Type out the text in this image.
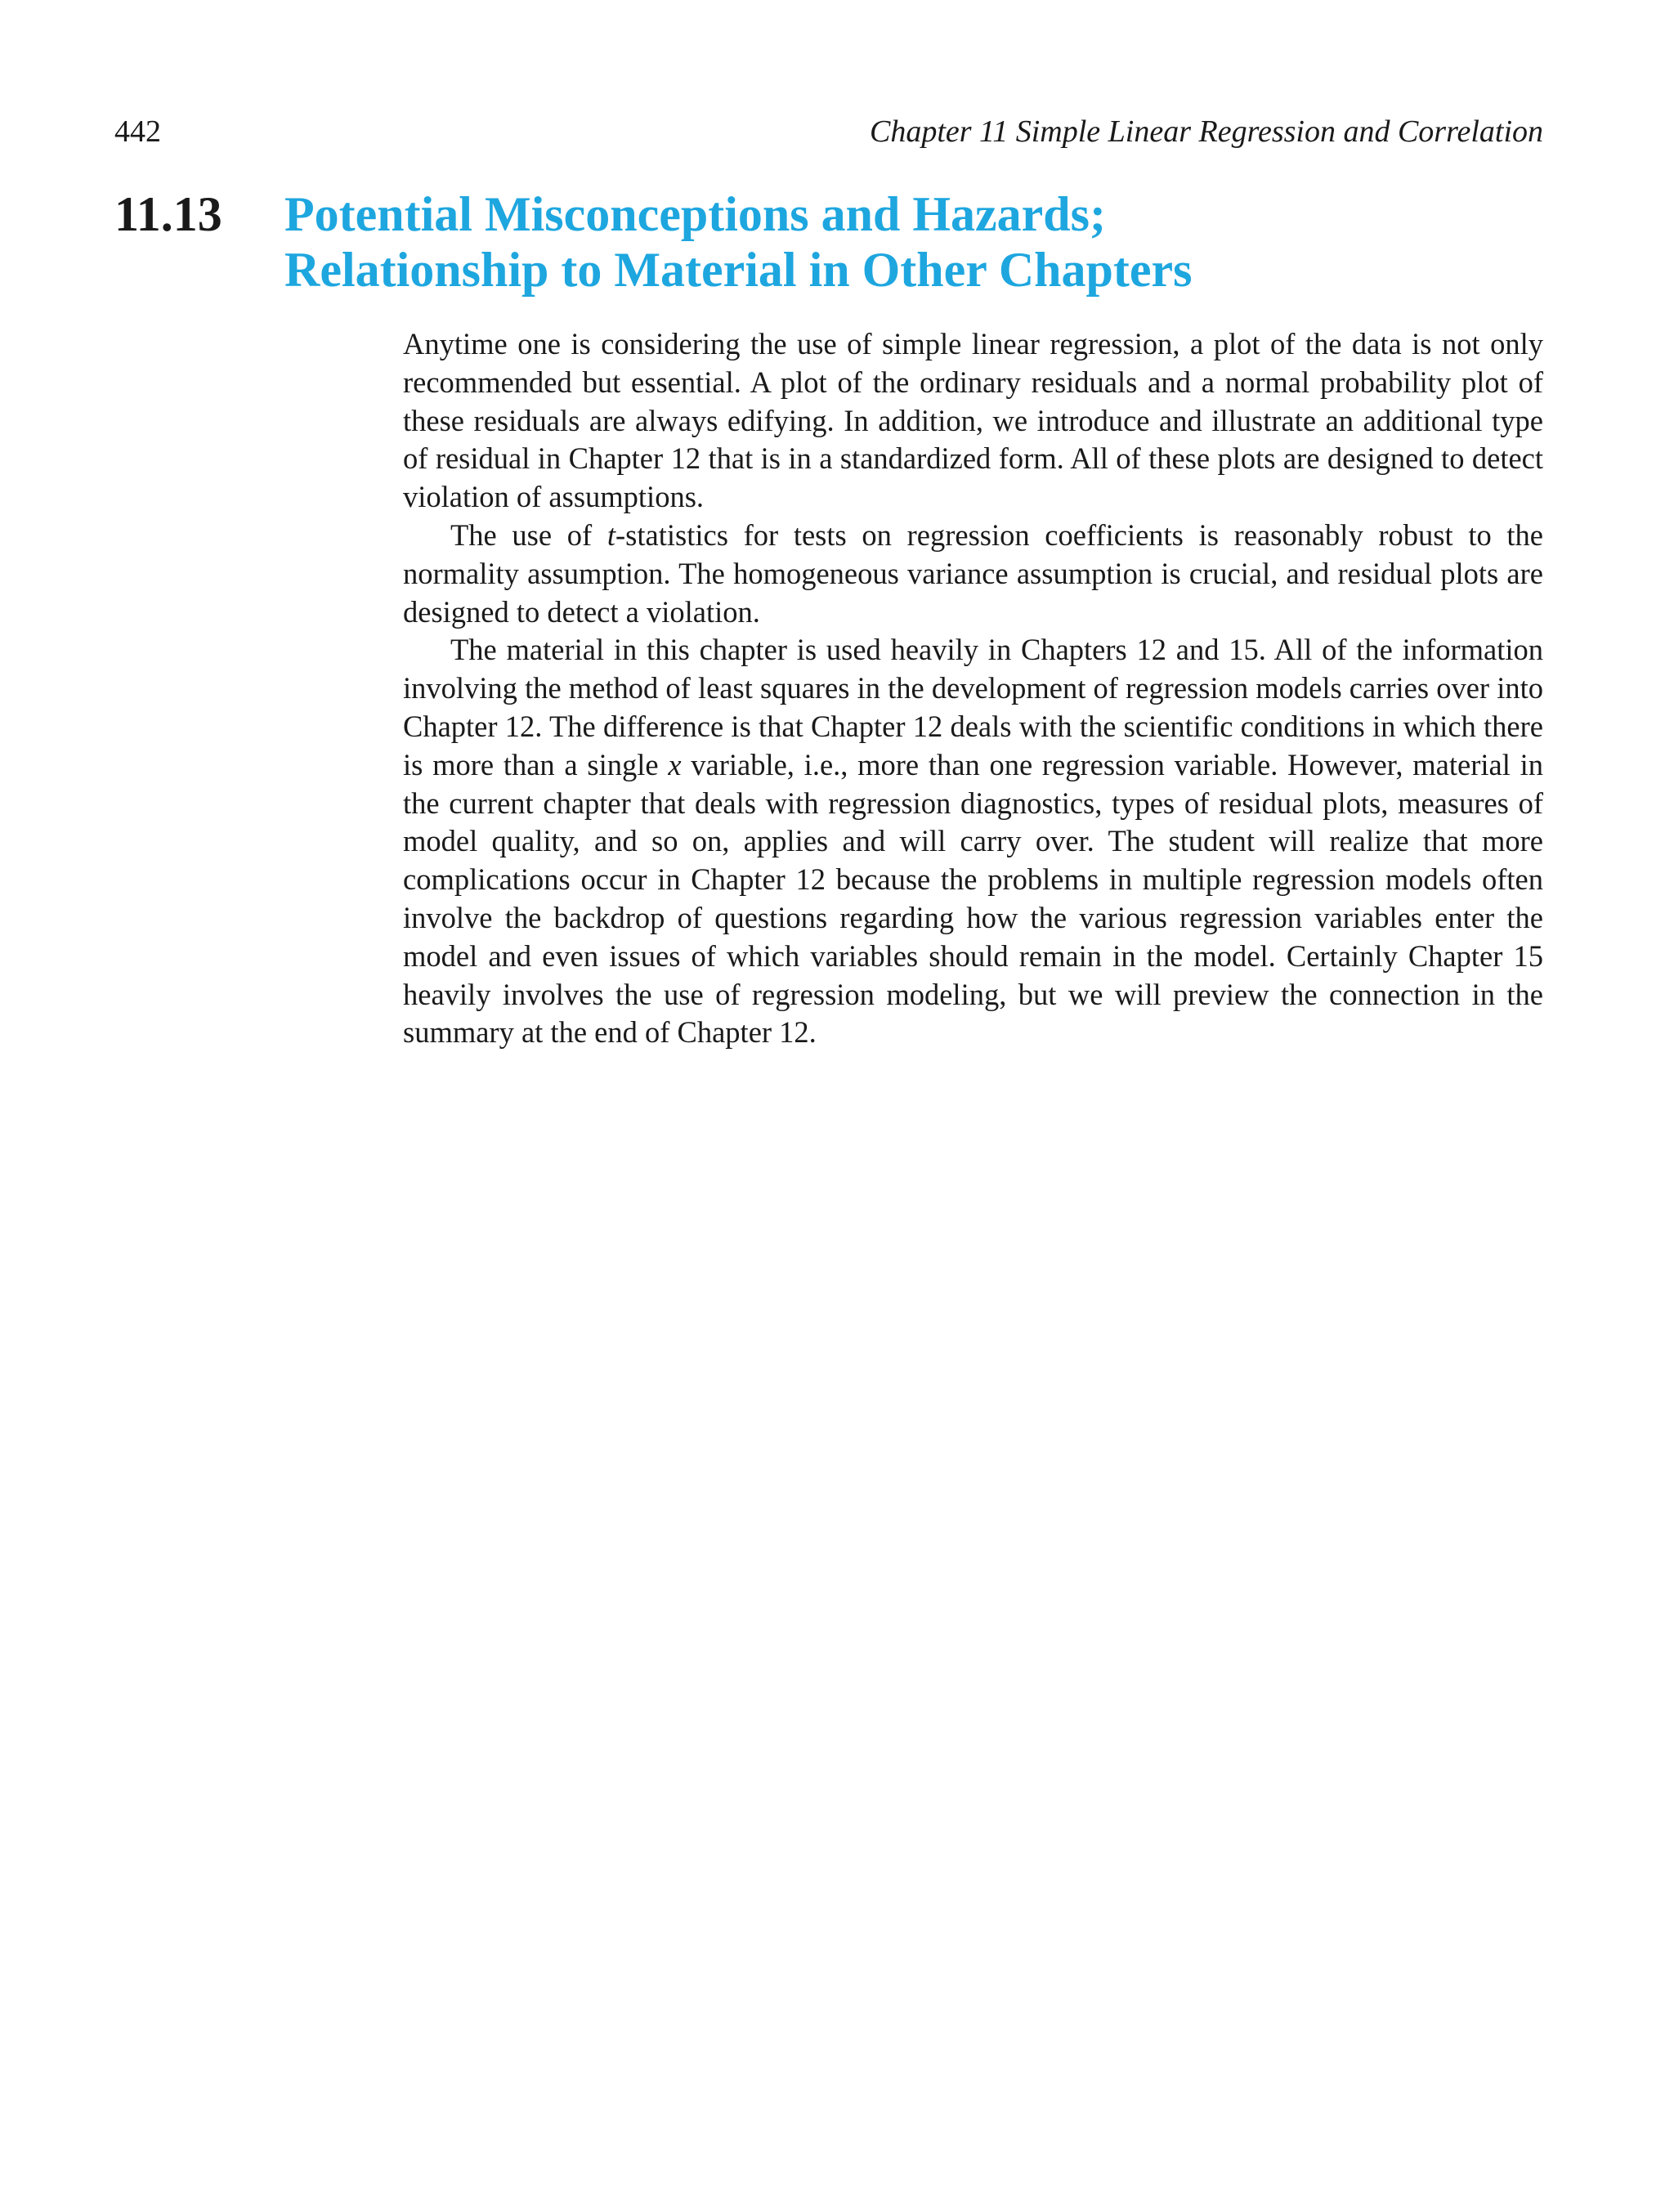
442	Chapter 11 Simple Linear Regression and Correlation
11.13 Potential Misconceptions and Hazards;
Relationship to Material in Other Chapters

Anytime one is considering the use of simple linear regression, a plot of the data is not only recommended but essential. A plot of the ordinary residuals and a normal probability plot of these residuals are always edifying. In addition, we introduce and illustrate an additional type of residual in Chapter 12 that is in a standardized form. All of these plots are designed to detect violation of assumptions.

The use of t-statistics for tests on regression coefficients is reasonably robust to the normality assumption. The homogeneous variance assumption is crucial, and residual plots are designed to detect a violation.

The material in this chapter is used heavily in Chapters 12 and 15. All of the information involving the method of least squares in the development of regression models carries over into Chapter 12. The difference is that Chapter 12 deals with the scientific conditions in which there is more than a single x variable, i.e., more than one regression variable. However, material in the current chapter that deals with regression diagnostics, types of residual plots, measures of model quality, and so on, applies and will carry over. The student will realize that more complications occur in Chapter 12 because the problems in multiple regression models often involve the backdrop of questions regarding how the various regression variables enter the model and even issues of which variables should remain in the model. Certainly Chapter 15 heavily involves the use of regression modeling, but we will preview the connection in the summary at the end of Chapter 12.
